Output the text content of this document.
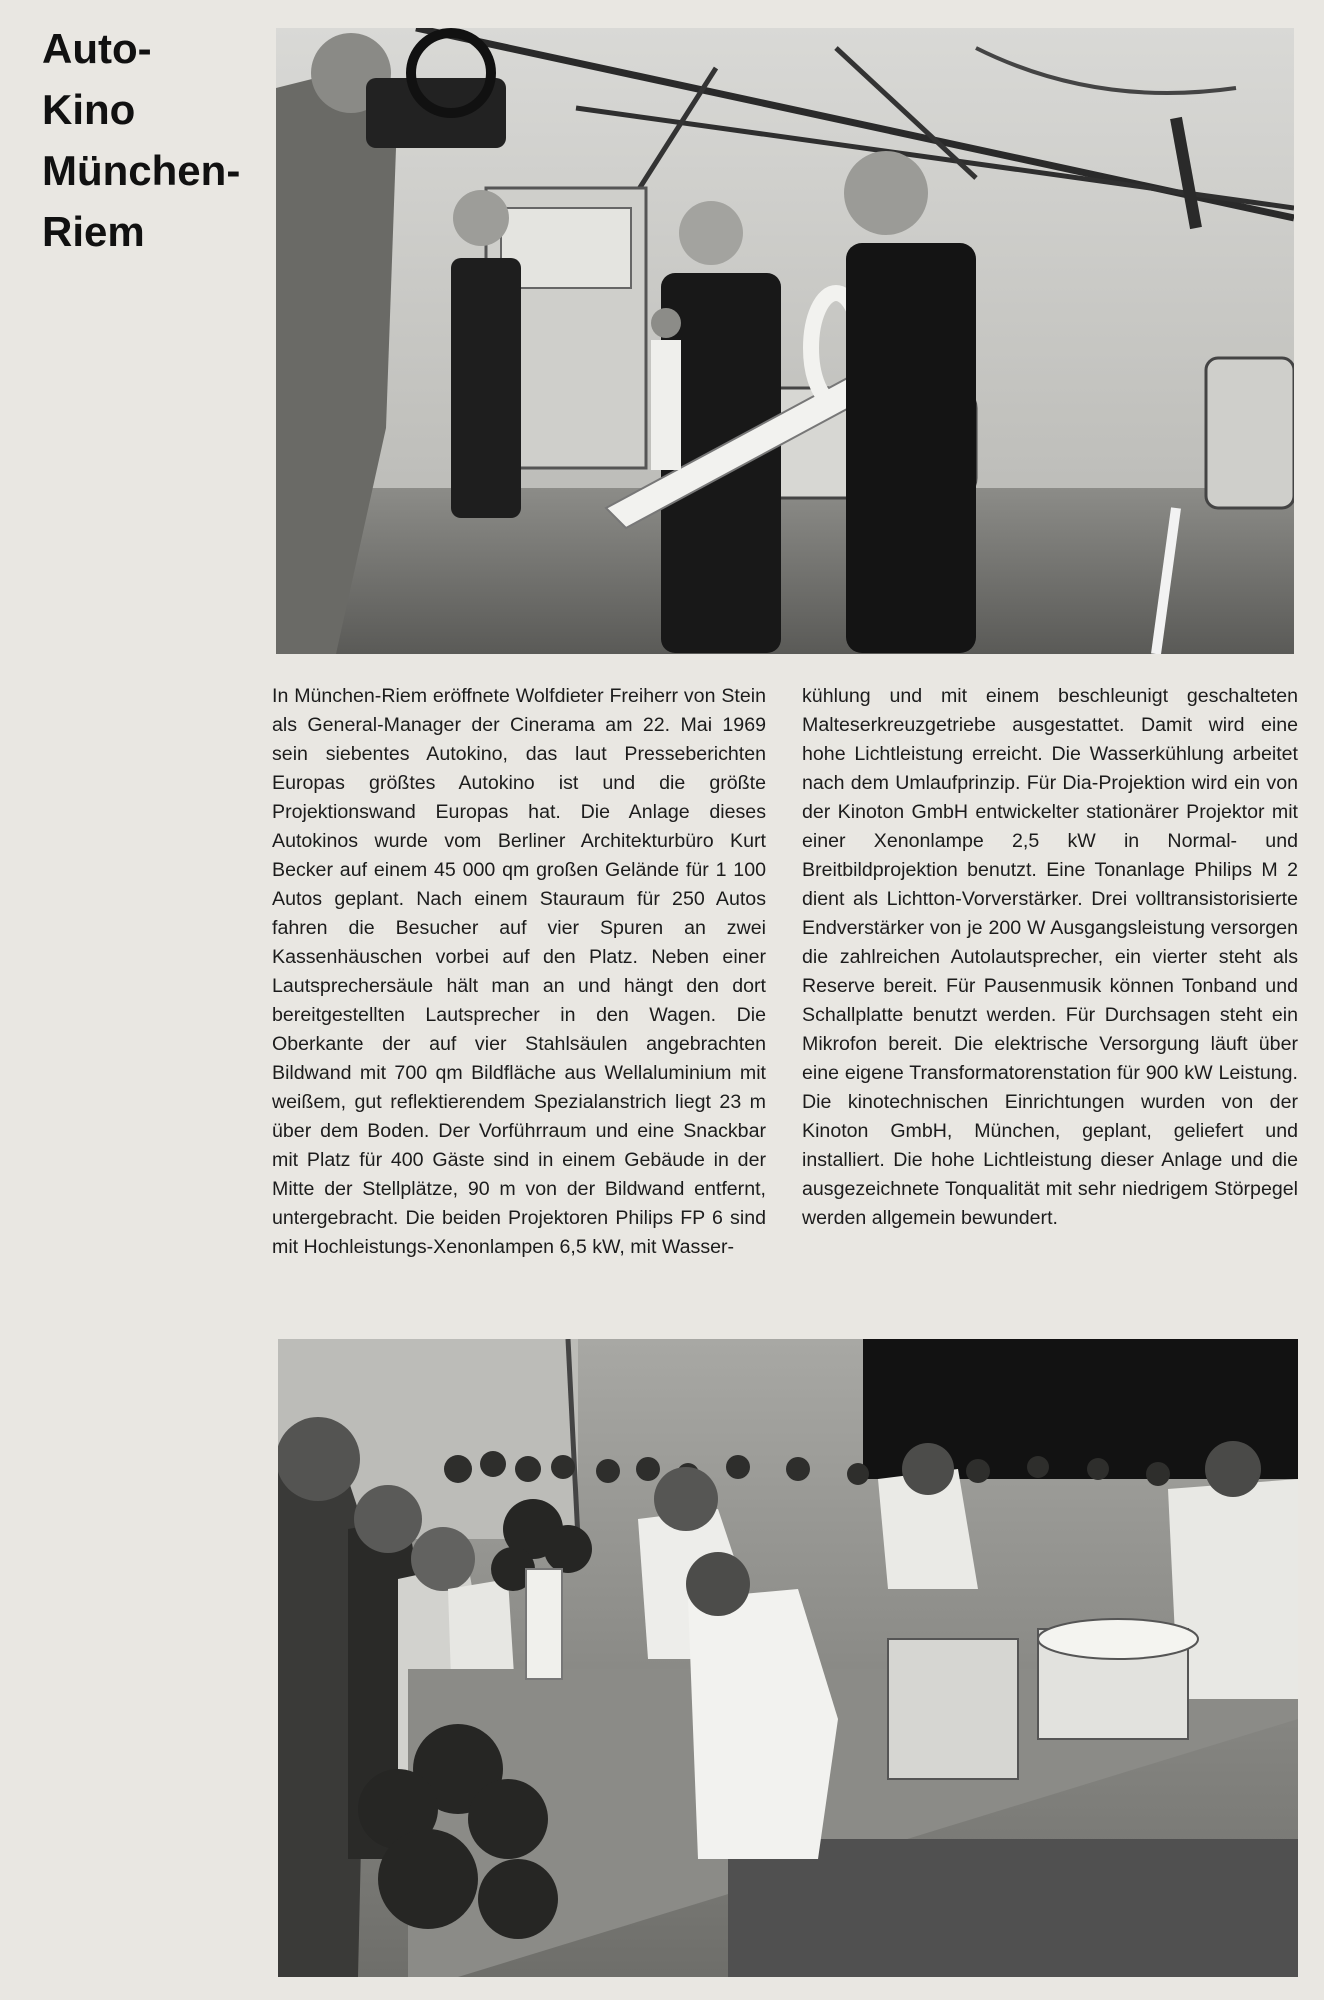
Auto-
Kino
München-
Riem

In München-Riem eröffnete Wolfdieter Freiherr von Stein als General-Manager der Cinerama am 22. Mai 1969 sein siebentes Autokino, das laut Presseberichten Europas größtes Autokino ist und die größte Projektionswand Europas hat. Die Anlage dieses Autokinos wurde vom Berliner Architekturbüro Kurt Becker auf einem 45 000 qm großen Gelände für 1 100 Autos geplant. Nach einem Stauraum für 250 Autos fahren die Besucher auf vier Spuren an zwei Kassenhäuschen vorbei auf den Platz. Neben einer Lautsprechersäule hält man an und hängt den dort bereitgestellten Lautsprecher in den Wagen. Die Oberkante der auf vier Stahlsäulen angebrachten Bildwand mit 700 qm Bildfläche aus Wellaluminium mit weißem, gut reflektierendem Spezialanstrich liegt 23 m über dem Boden. Der Vorführraum und eine Snackbar mit Platz für 400 Gäste sind in einem Gebäude in der Mitte der Stellplätze, 90 m von der Bildwand entfernt, untergebracht. Die beiden Projektoren Philips FP 6 sind mit Hochleistungs-Xenonlampen 6,5 kW, mit Wasser-

kühlung und mit einem beschleunigt geschalteten Malteserkreuzgetriebe ausgestattet. Damit wird eine hohe Lichtleistung erreicht. Die Wasserkühlung arbeitet nach dem Umlaufprinzip. Für Dia-Projektion wird ein von der Kinoton GmbH entwickelter stationärer Projektor mit einer Xenonlampe 2,5 kW in Normal- und Breitbildprojektion benutzt. Eine Tonanlage Philips M 2 dient als Lichtton-Vorverstärker. Drei volltransistorisierte Endverstärker von je 200 W Ausgangsleistung versorgen die zahlreichen Autolautsprecher, ein vierter steht als Reserve bereit. Für Pausenmusik können Tonband und Schallplatte benutzt werden. Für Durchsagen steht ein Mikrofon bereit. Die elektrische Versorgung läuft über eine eigene Transformatorenstation für 900 kW Leistung. Die kinotechnischen Einrichtungen wurden von der Kinoton GmbH, München, geplant, geliefert und installiert. Die hohe Lichtleistung dieser Anlage und die ausgezeichnete Tonqualität mit sehr niedrigem Störpegel werden allgemein bewundert.
